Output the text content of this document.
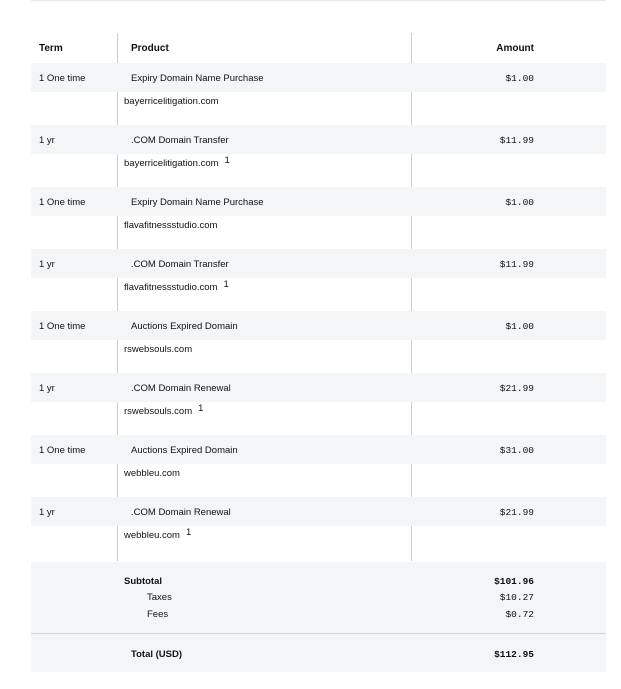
Term	Product	Amount
1 One time	Expiry Domain Name Purchase	$1.00
bayerricelitigation.com
1 yr	.COM Domain Transfer	$11.99
bayerricelitigation.com 1
1 One time	Expiry Domain Name Purchase	$1.00
flavafitnessstudio.com
1 yr	.COM Domain Transfer	$11.99
flavafitnessstudio.com 1
1 One time	Auctions Expired Domain	$1.00
rswebsouls.com
1 yr	.COM Domain Renewal	$21.99
rswebsouls.com 1
1 One time	Auctions Expired Domain	$31.00
webbleu.com
1 yr	.COM Domain Renewal	$21.99
webbleu.com 1
Subtotal	$101.96
Taxes	$10.27
Fees	$0.72
Total (USD)	$112.95
